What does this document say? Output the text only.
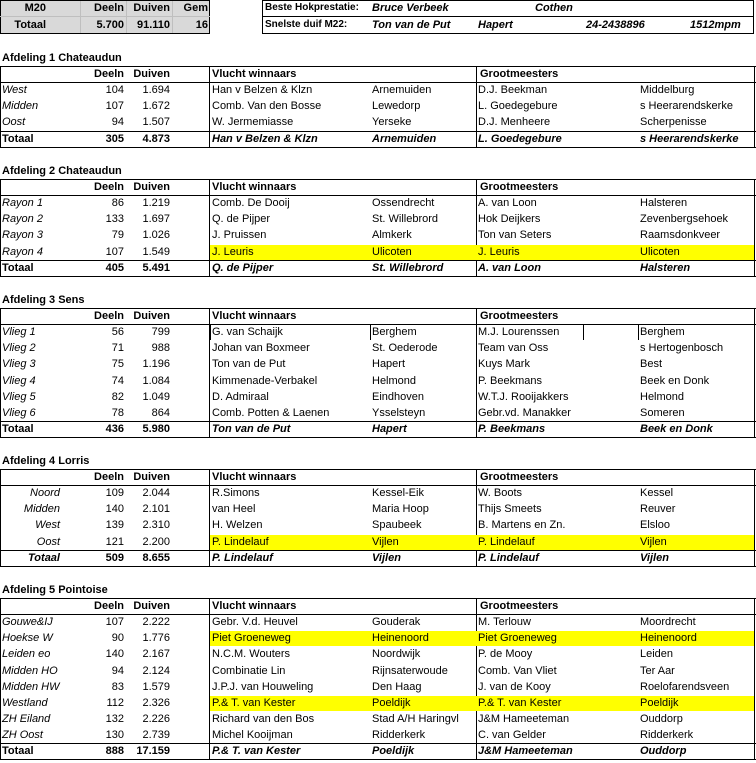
M20	Deeln Duiven	Gem
Totaal	5.700	91.110	16
Beste Hokprestatie: Bruce Verbeek	Cothen
Snelste duif M22: Ton van de Put	Hapert	24-2438896	1512mpm
Afdeling 1 Chateaudun
Deeln Duiven	Vlucht winnaars	Grootmeesters
West	104	1.694	Han v Belzen & Klzn	Arnemuiden	D.J. Beekman	Middelburg
Midden	107	1.672	Comb. Van den Bosse	Lewedorp	L. Goedegebure	s Heerarendskerke
Oost	94	1.507	W. Jermemiasse	Yerseke	D.J. Menheere	Scherpenisse
Totaal	305	4.873	Han v Belzen & Klzn	Arnemuiden	L. Goedegebure	s Heerarendskerke
Afdeling 2 Chateaudun
Deeln Duiven	Vlucht winnaars	Grootmeesters
Rayon 1	86	1.219	Comb. De Dooij	Ossendrecht	A. van Loon	Halsteren
Rayon 2	133	1.697	Q. de Pijper	St. Willebrord	Hok Deijkers	Zevenbergsehoek
Rayon 3	79	1.026	J. Pruissen	Almkerk	Ton van Seters	Raamsdonkveer
Rayon 4	107	1.549	J. Leuris	Ulicoten	J. Leuris	Ulicoten
Totaal	405	5.491	Q. de Pijper	St. Willebrord	A. van Loon	Halsteren
Afdeling 3 Sens
Deeln Duiven	Vlucht winnaars	Grootmeesters
Vlieg 1	56	799	G. van Schaijk	Berghem	M.J. Lourenssen	Berghem
Vlieg 2	71	988	Johan van Boxmeer	St. Oederode	Team van Oss	s Hertogenbosch
Vlieg 3	75	1.196	Ton van de Put	Hapert	Kuys Mark	Best
Vlieg 4	74	1.084	Kimmenade-Verbakel	Helmond	P. Beekmans	Beek en Donk
Vlieg 5	82	1.049	D. Admiraal	Eindhoven	W.T.J. Rooijakkers	Helmond
Vlieg 6	78	864	Comb. Potten & Laenen	Ysselsteyn	Gebr.vd. Manakker	Someren
Totaal	436	5.980	Ton van de Put	Hapert	P. Beekmans	Beek en Donk
Afdeling 4 Lorris
Deeln Duiven	Vlucht winnaars	Grootmeesters
Noord	109	2.044	R.Simons	Kessel-Eik	W. Boots	Kessel
Midden	140	2.101	van Heel	Maria Hoop	Thijs Smeets	Reuver
West	139	2.310	H. Welzen	Spaubeek	B. Martens en Zn.	Elsloo
Oost	121	2.200	P. Lindelauf	Vijlen	P. Lindelauf	Vijlen
Totaal	509	8.655	P. Lindelauf	Vijlen	P. Lindelauf	Vijlen
Afdeling 5 Pointoise
Deeln Duiven	Vlucht winnaars	Grootmeesters
Gouwe&IJ	107	2.222	Gebr. V.d. Heuvel	Gouderak	M. Terlouw	Moordrecht
Hoekse W	90	1.776	Piet Groeneweg	Heinenoord	Piet Groeneweg	Heinenoord
Leiden eo	140	2.167	N.C.M. Wouters	Noordwijk	P. de Mooy	Leiden
Midden HO	94	2.124	Combinatie Lin	Rijnsaterwoude	Comb. Van Vliet	Ter Aar
Midden HW	83	1.579	J.P.J. van Houweling	Den Haag	J. van de Kooy	Roelofarendsveen
Westland	112	2.326	P.& T. van Kester	Poeldijk	P.& T. van Kester	Poeldijk
ZH Eiland	132	2.226	Richard van den Bos	Stad A/H Haringvl	J&M Hameeteman	Ouddorp
ZH Oost	130	2.739	Michel Kooijman	Ridderkerk	C. van Gelder	Ridderkerk
Totaal	888	17.159	P.& T. van Kester	Poeldijk	J&M Hameeteman	Ouddorp
